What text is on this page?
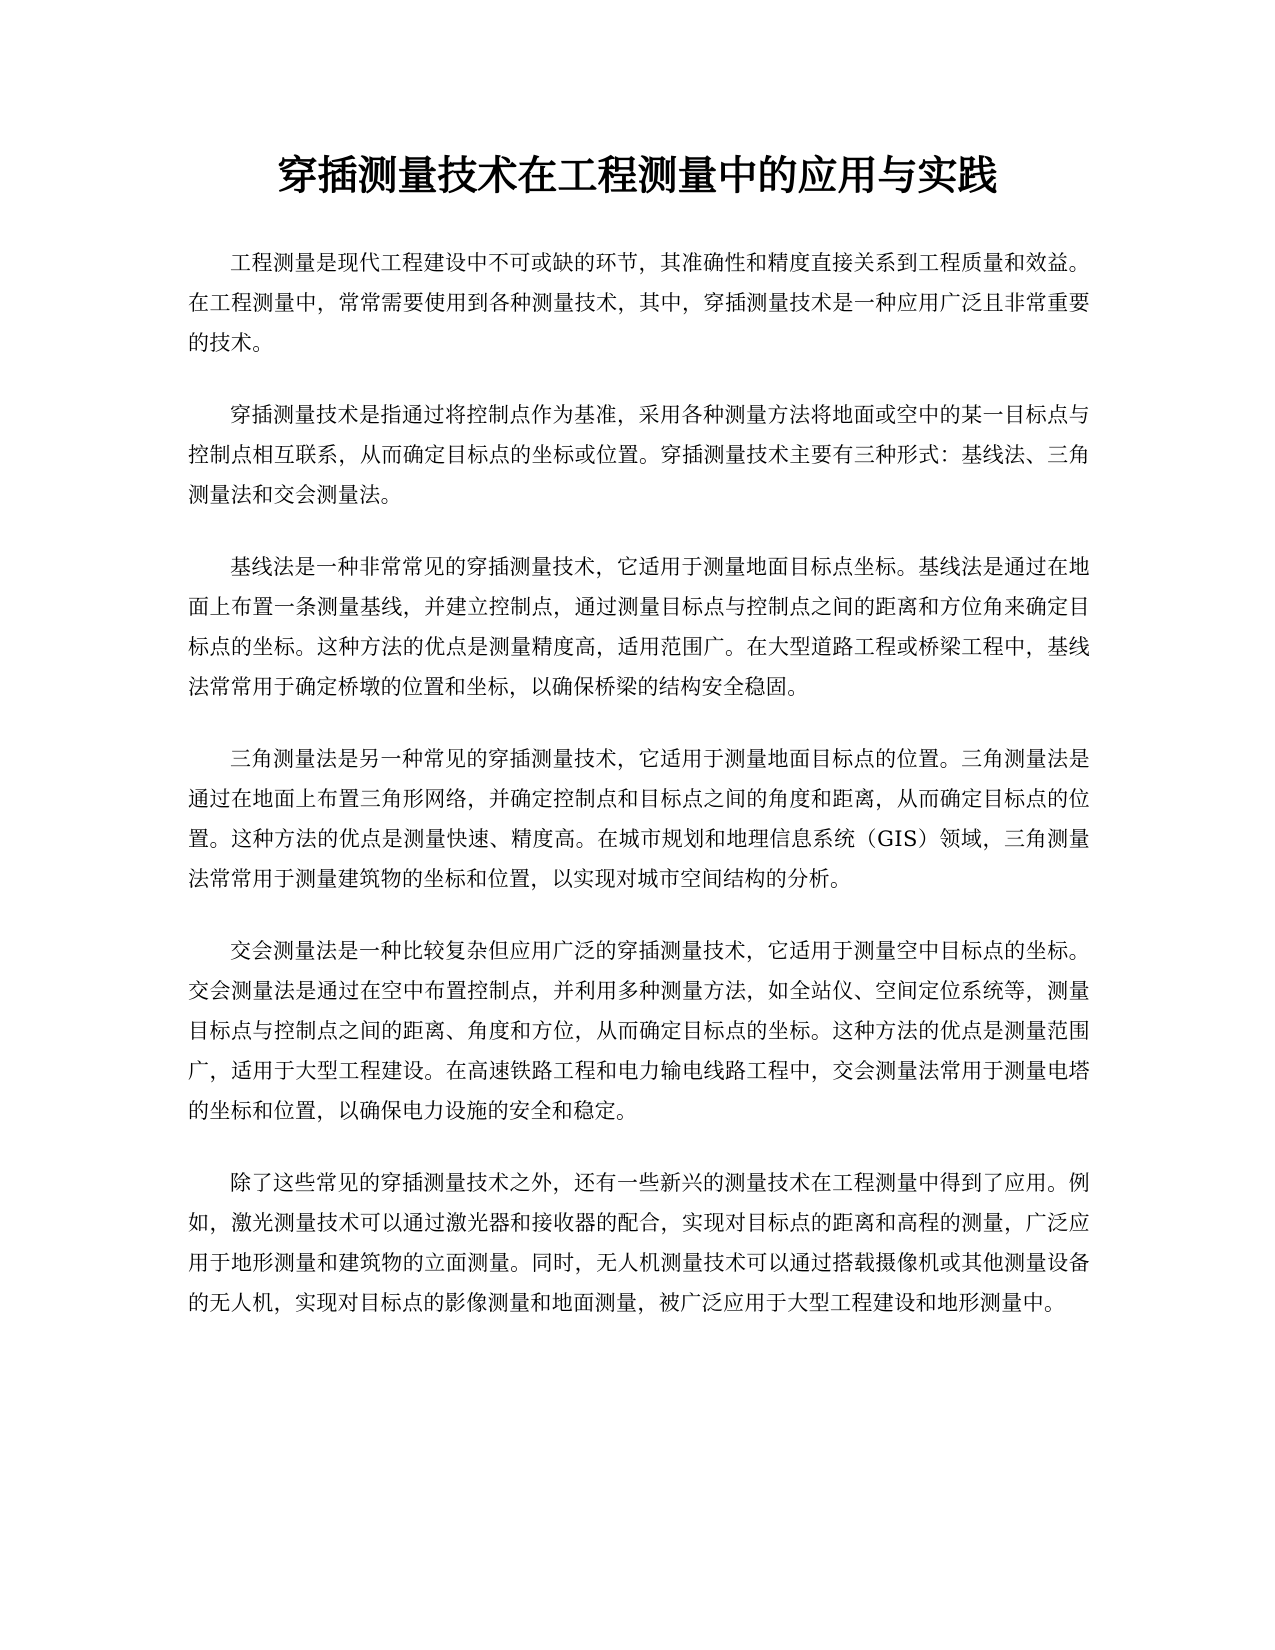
穿插测量技术在工程测量中的应用与实践

工程测量是现代工程建设中不可或缺的环节，其准确性和精度直接关系到工程质量和效益。在工程测量中，常常需要使用到各种测量技术，其中，穿插测量技术是一种应用广泛且非常重要的技术。

穿插测量技术是指通过将控制点作为基准，采用各种测量方法将地面或空中的某一目标点与控制点相互联系，从而确定目标点的坐标或位置。穿插测量技术主要有三种形式：基线法、三角测量法和交会测量法。

基线法是一种非常常见的穿插测量技术，它适用于测量地面目标点坐标。基线法是通过在地面上布置一条测量基线，并建立控制点，通过测量目标点与控制点之间的距离和方位角来确定目标点的坐标。这种方法的优点是测量精度高，适用范围广。在大型道路工程或桥梁工程中，基线法常常用于确定桥墩的位置和坐标，以确保桥梁的结构安全稳固。

三角测量法是另一种常见的穿插测量技术，它适用于测量地面目标点的位置。三角测量法是通过在地面上布置三角形网络，并确定控制点和目标点之间的角度和距离，从而确定目标点的位置。这种方法的优点是测量快速、精度高。在城市规划和地理信息系统（GIS）领域，三角测量法常常用于测量建筑物的坐标和位置，以实现对城市空间结构的分析。

交会测量法是一种比较复杂但应用广泛的穿插测量技术，它适用于测量空中目标点的坐标。交会测量法是通过在空中布置控制点，并利用多种测量方法，如全站仪、空间定位系统等，测量目标点与控制点之间的距离、角度和方位，从而确定目标点的坐标。这种方法的优点是测量范围广，适用于大型工程建设。在高速铁路工程和电力输电线路工程中，交会测量法常用于测量电塔的坐标和位置，以确保电力设施的安全和稳定。

除了这些常见的穿插测量技术之外，还有一些新兴的测量技术在工程测量中得到了应用。例如，激光测量技术可以通过激光器和接收器的配合，实现对目标点的距离和高程的测量，广泛应用于地形测量和建筑物的立面测量。同时，无人机测量技术可以通过搭载摄像机或其他测量设备的无人机，实现对目标点的影像测量和地面测量，被广泛应用于大型工程建设和地形测量中。
